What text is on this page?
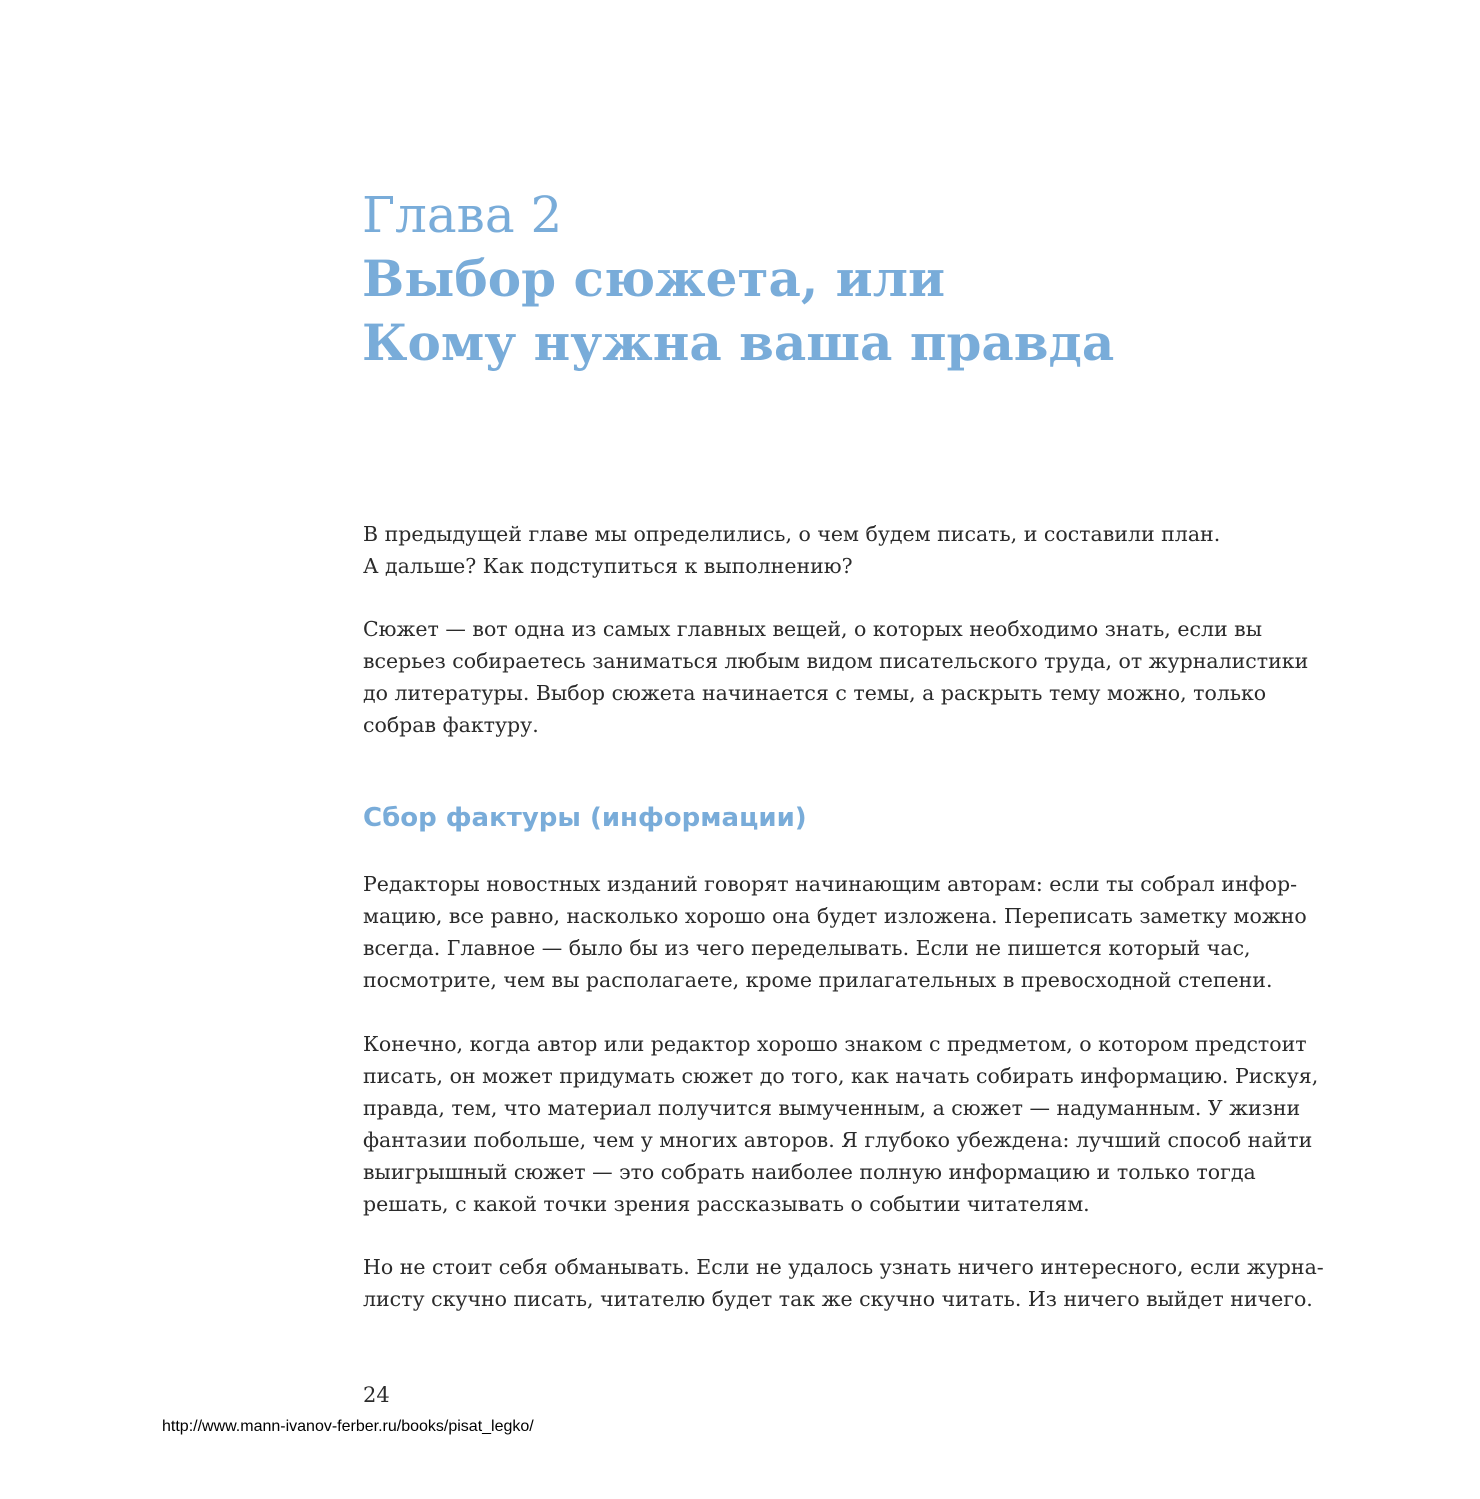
Глава 2
Выбор сюжета, или
Кому нужна ваша правда

В предыдущей главе мы определились, о чем будем писать, и составили план.
А дальше? Как подступиться к выполнению?

Сюжет — вот одна из самых главных вещей, о которых необходимо знать, если вы
всерьез собираетесь заниматься любым видом писательского труда, от журналистики
до литературы. Выбор сюжета начинается с темы, а раскрыть тему можно, только
собрав фактуру.

Сбор фактуры (информации)

Редакторы новостных изданий говорят начинающим авторам: если ты собрал инфор-
мацию, все равно, насколько хорошо она будет изложена. Переписать заметку можно
всегда. Главное — было бы из чего переделывать. Если не пишется который час,
посмотрите, чем вы располагаете, кроме прилагательных в превосходной степени.

Конечно, когда автор или редактор хорошо знаком с предметом, о котором предстоит
писать, он может придумать сюжет до того, как начать собирать информацию. Рискуя,
правда, тем, что материал получится вымученным, а сюжет — надуманным. У жизни
фантазии побольше, чем у многих авторов. Я глубоко убеждена: лучший способ найти
выигрышный сюжет — это собрать наиболее полную информацию и только тогда
решать, с какой точки зрения рассказывать о событии читателям.

Но не стоит себя обманывать. Если не удалось узнать ничего интересного, если журна-
листу скучно писать, читателю будет так же скучно читать. Из ничего выйдет ничего.

24
http://www.mann-ivanov-ferber.ru/books/pisat_legko/
